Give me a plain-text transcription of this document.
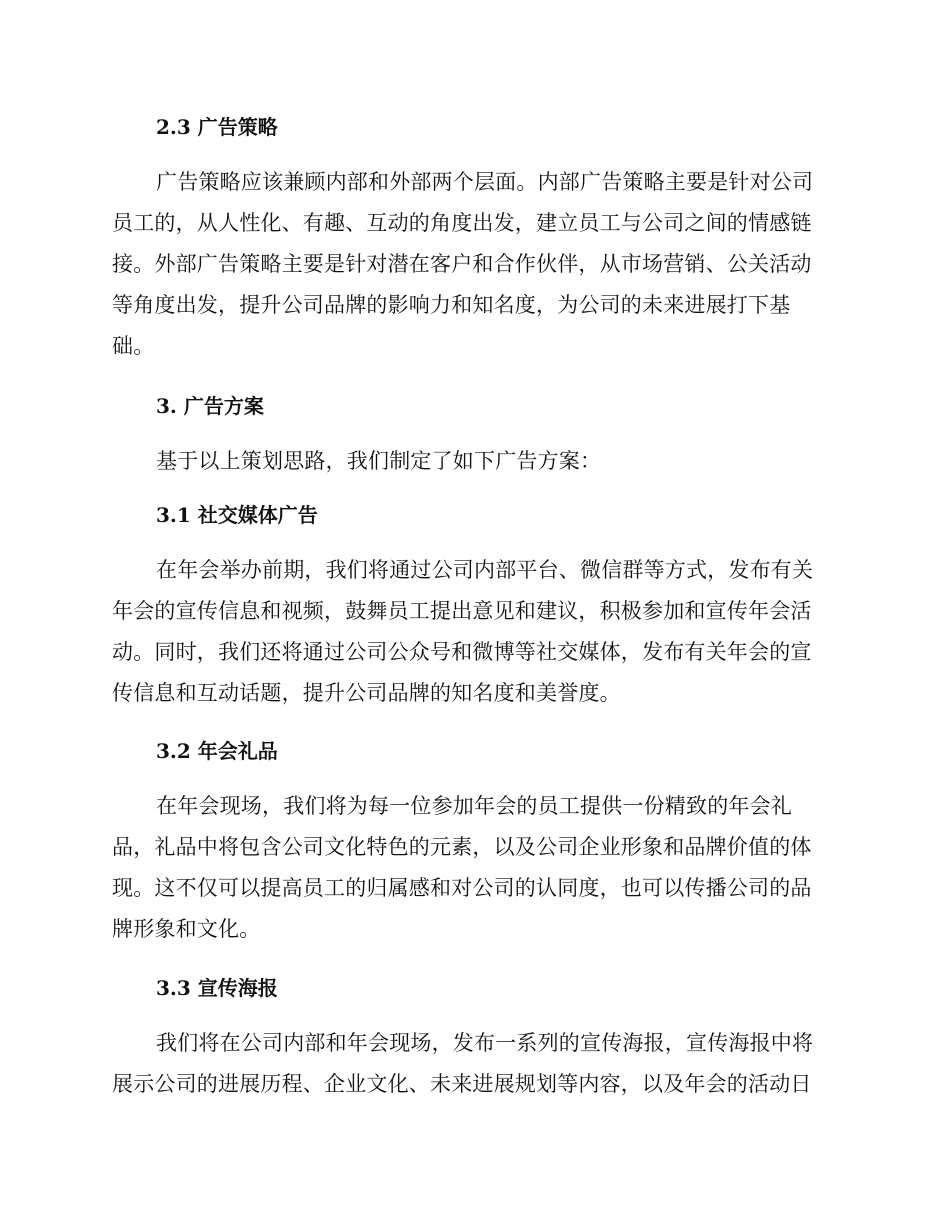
2.3 广告策略
广告策略应该兼顾内部和外部两个层面。内部广告策略主要是针对公司
员工的，从人性化、有趣、互动的角度出发，建立员工与公司之间的情感链
接。外部广告策略主要是针对潜在客户和合作伙伴，从市场营销、公关活动
等角度出发，提升公司品牌的影响力和知名度，为公司的未来进展打下基
础。
3. 广告方案
基于以上策划思路，我们制定了如下广告方案：
3.1 社交媒体广告
在年会举办前期，我们将通过公司内部平台、微信群等方式，发布有关
年会的宣传信息和视频，鼓舞员工提出意见和建议，积极参加和宣传年会活
动。同时，我们还将通过公司公众号和微博等社交媒体，发布有关年会的宣
传信息和互动话题，提升公司品牌的知名度和美誉度。
3.2 年会礼品
在年会现场，我们将为每一位参加年会的员工提供一份精致的年会礼
品，礼品中将包含公司文化特色的元素，以及公司企业形象和品牌价值的体
现。这不仅可以提高员工的归属感和对公司的认同度，也可以传播公司的品
牌形象和文化。
3.3 宣传海报
我们将在公司内部和年会现场，发布一系列的宣传海报，宣传海报中将
展示公司的进展历程、企业文化、未来进展规划等内容，以及年会的活动日
